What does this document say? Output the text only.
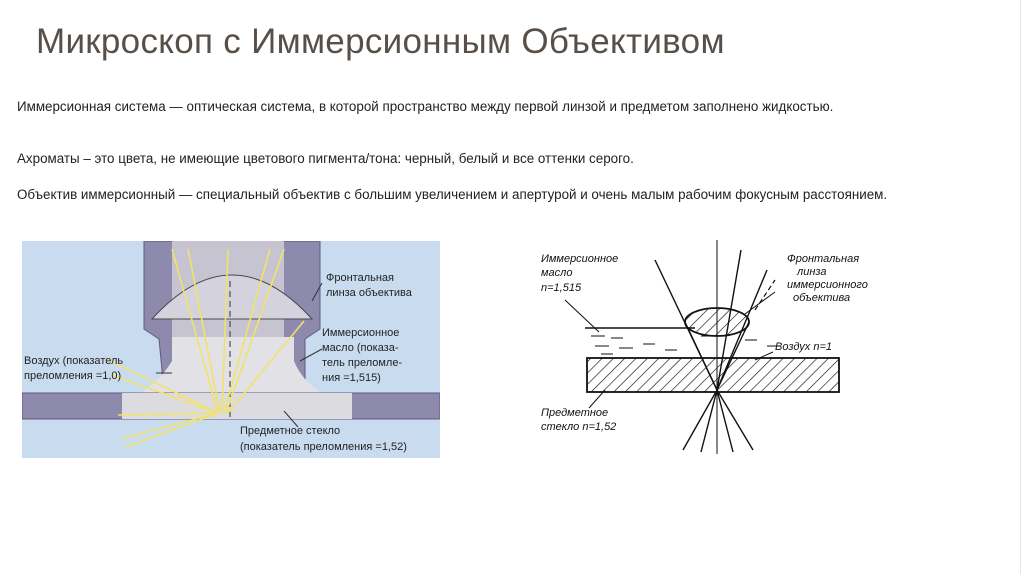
Микроскоп с Иммерсионным Объективом
Иммерсионная система — оптическая система, в которой пространство между первой линзой и предметом заполнено жидкостью.
Ахроматы – это цвета, не имеющие цветового пигмента/тона: черный, белый и все оттенки серого.
Объектив иммерсионный — специальный объектив с большим увеличением и апертурой и очень малым рабочим фокусным расстоянием.
Фронтальная
линза объектива
Иммерсионное
масло (показа-
тель преломле-
ния =1,515)
Воздух (показатель
преломления =1,0)
Предметное стекло
(показатель преломления =1,52)
Иммерсионное
масло
n=1,515
Фронтальная
линза
иммерсионного
объектива
Воздух n=1
Предметное
стекло n=1,52
